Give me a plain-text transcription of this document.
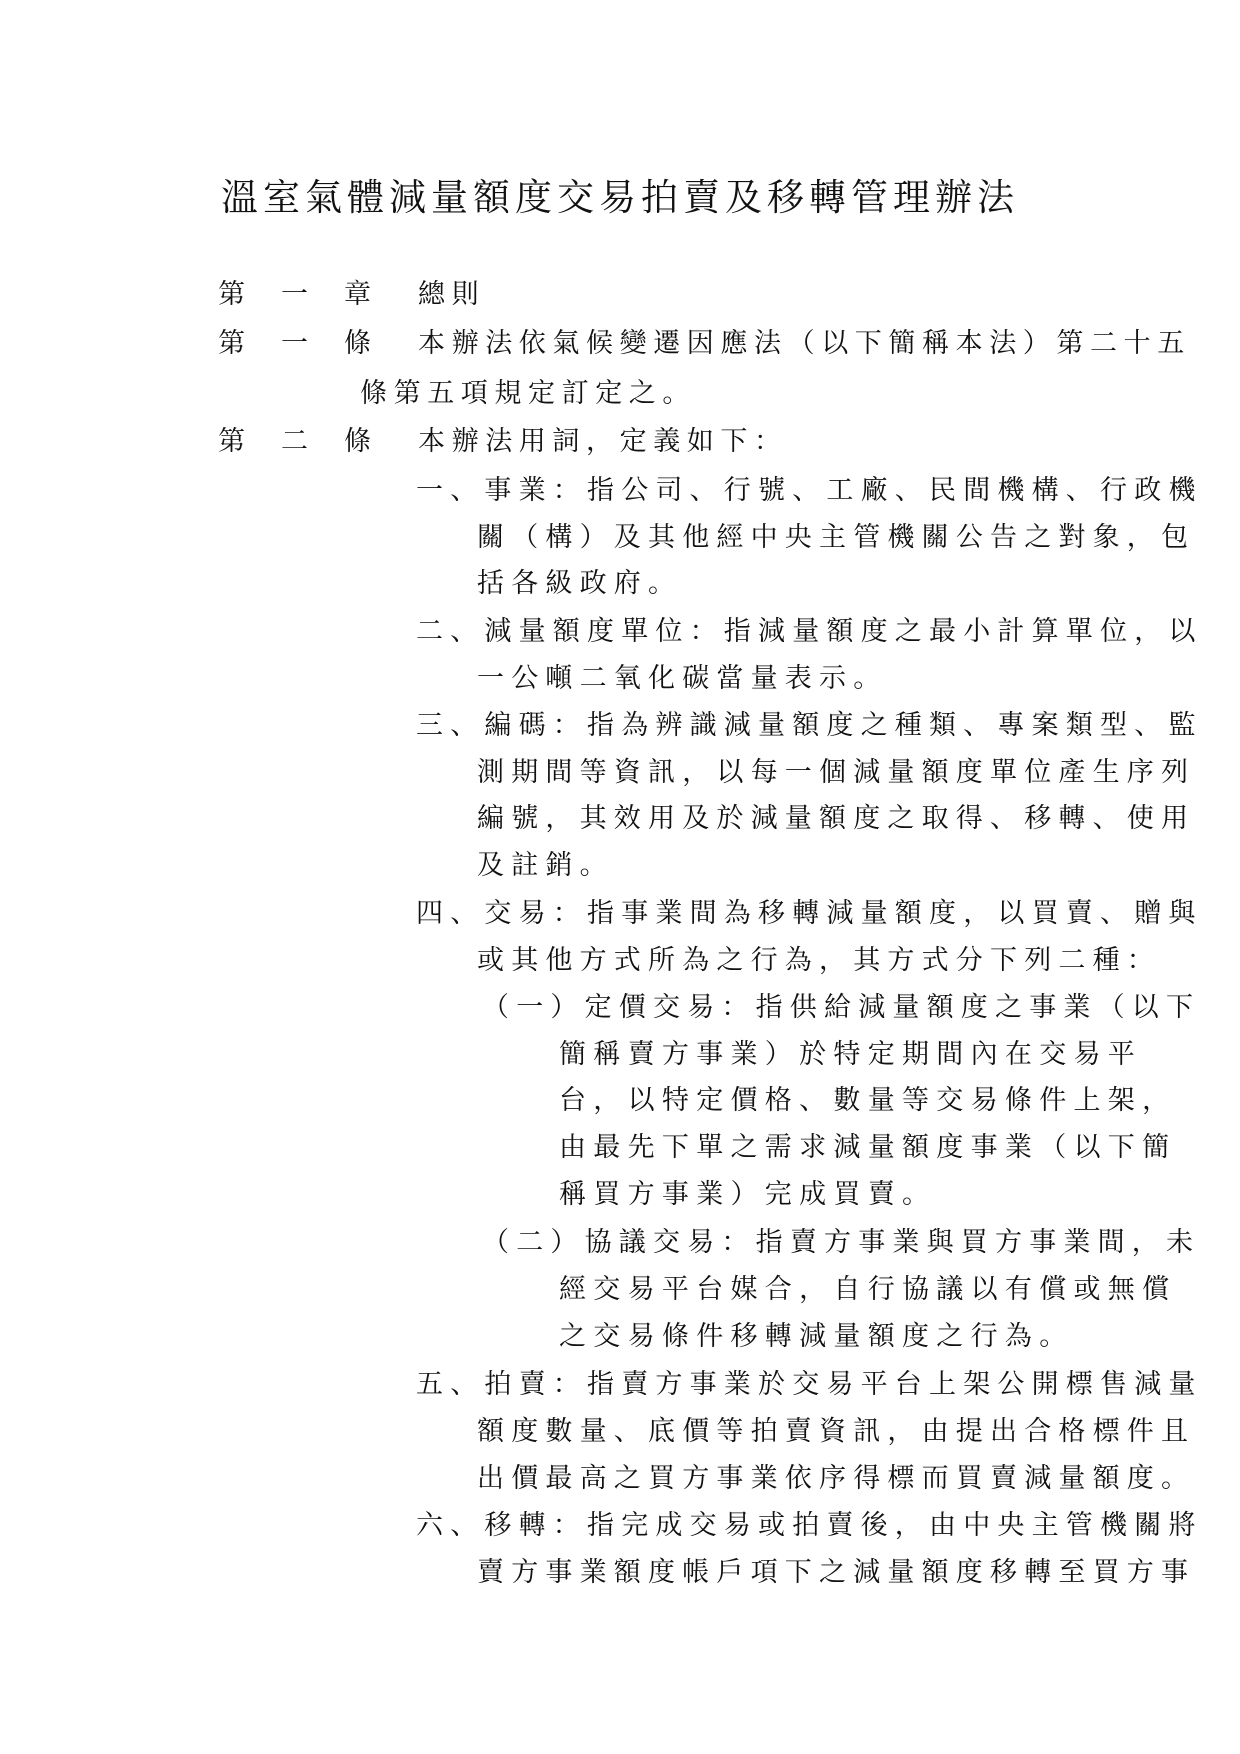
溫室氣體減量額度交易拍賣及移轉管理辦法
第一章 總則
第一條 本辦法依氣候變遷因應法（以下簡稱本法）第二十五
條第五項規定訂定之。
第二條 本辦法用詞，定義如下：
一、事業：指公司、行號、工廠、民間機構、行政機
關（構）及其他經中央主管機關公告之對象，包
括各級政府。
二、減量額度單位：指減量額度之最小計算單位，以
一公噸二氧化碳當量表示。
三、編碼：指為辨識減量額度之種類、專案類型、監
測期間等資訊，以每一個減量額度單位產生序列
編號，其效用及於減量額度之取得、移轉、使用
及註銷。
四、交易：指事業間為移轉減量額度，以買賣、贈與
或其他方式所為之行為，其方式分下列二種：
（一）定價交易：指供給減量額度之事業（以下
簡稱賣方事業）於特定期間內在交易平
台，以特定價格、數量等交易條件上架，
由最先下單之需求減量額度事業（以下簡
稱買方事業）完成買賣。
（二）協議交易：指賣方事業與買方事業間，未
經交易平台媒合，自行協議以有償或無償
之交易條件移轉減量額度之行為。
五、拍賣：指賣方事業於交易平台上架公開標售減量
額度數量、底價等拍賣資訊，由提出合格標件且
出價最高之買方事業依序得標而買賣減量額度。
六、移轉：指完成交易或拍賣後，由中央主管機關將
賣方事業額度帳戶項下之減量額度移轉至買方事
